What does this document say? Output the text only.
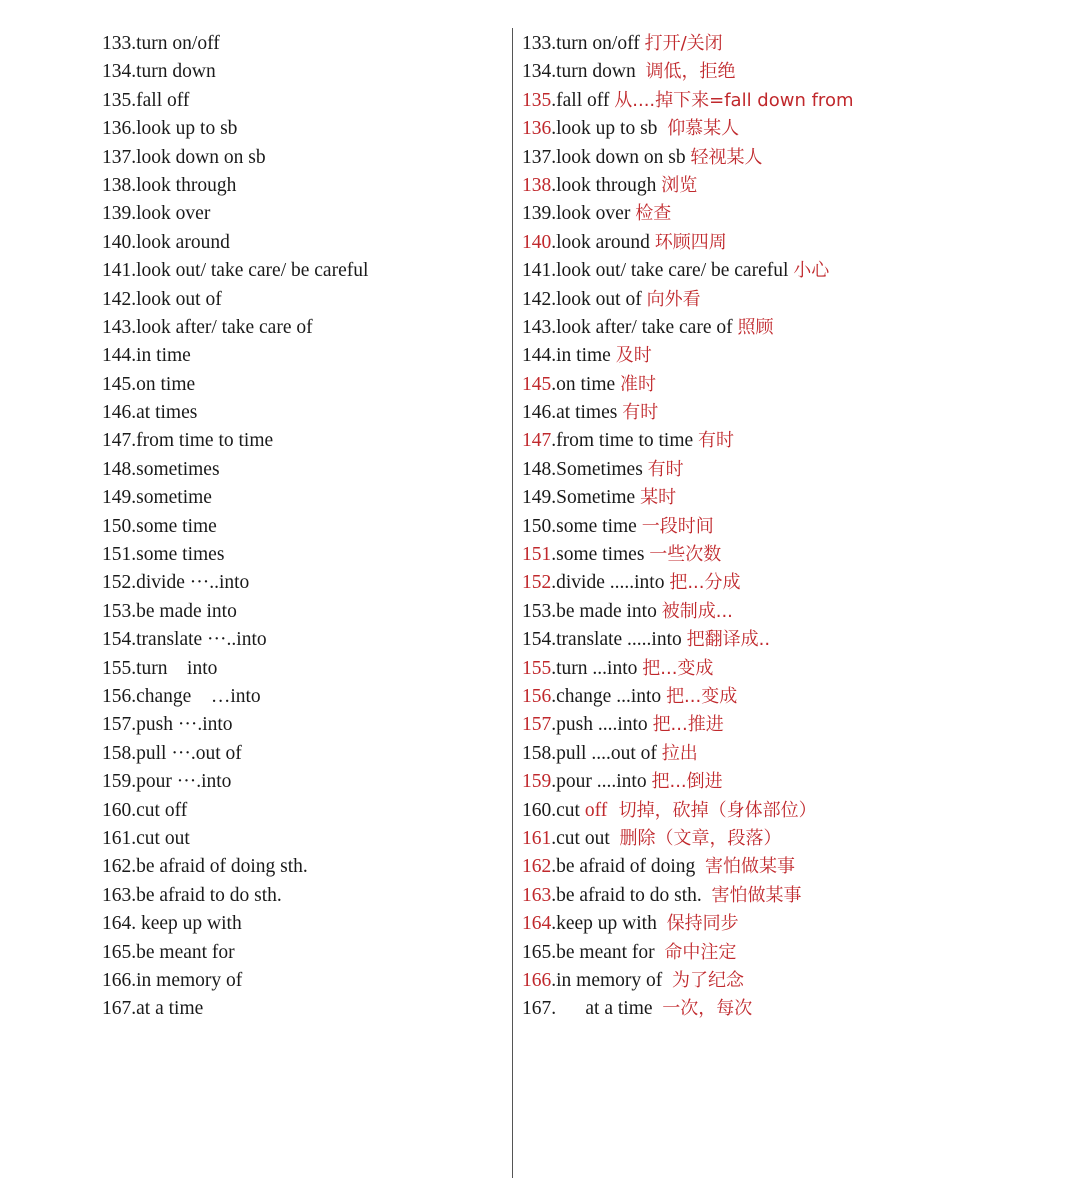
133.turn on/off
134.turn down
135.fall off
136.look up to sb
137.look down on sb
138.look through
139.look over
140.look around
141.look out/ take care/ be careful
142.look out of
143.look after/ take care of
144.in time
145.on time
146.at times
147.from time to time
148.sometimes
149.sometime
150.some time
151.some times
152.divide ···..into
153.be made into
154.translate ···..into
155.turn    into
156.change    …into
157.push ···.into
158.pull ···.out of
159.pour ···.into
160.cut off
161.cut out
162.be afraid of doing sth.
163.be afraid to do sth.
164. keep up with
165.be meant for
166.in memory of
167.at a time
133.turn on/off 打开/关闭
134.turn down  调低，拒绝
135.fall off 从....掉下来=fall down from
136.look up to sb  仰慕某人
137.look down on sb 轻视某人
138.look through 浏览
139.look over 检查
140.look around 环顾四周
141.look out/ take care/ be careful 小心
142.look out of 向外看
143.look after/ take care of 照顾
144.in time 及时
145.on time 准时
146.at times 有时
147.from time to time 有时
148.Sometimes 有时
149.Sometime 某时
150.some time 一段时间
151.some times 一些次数
152.divide .....into 把...分成
153.be made into 被制成...
154.translate .....into 把翻译成..
155.turn ...into 把...变成
156.change ...into 把...变成
157.push ....into 把...推进
158.pull ....out of 拉出
159.pour ....into 把...倒进
160.cut off  切掉，砍掉（身体部位）
161.cut out  删除（文章，段落）
162.be afraid of doing  害怕做某事
163.be afraid to do sth.  害怕做某事
164.keep up with  保持同步
165.be meant for  命中注定
166.in memory of  为了纪念
167.      at a time  一次，每次
